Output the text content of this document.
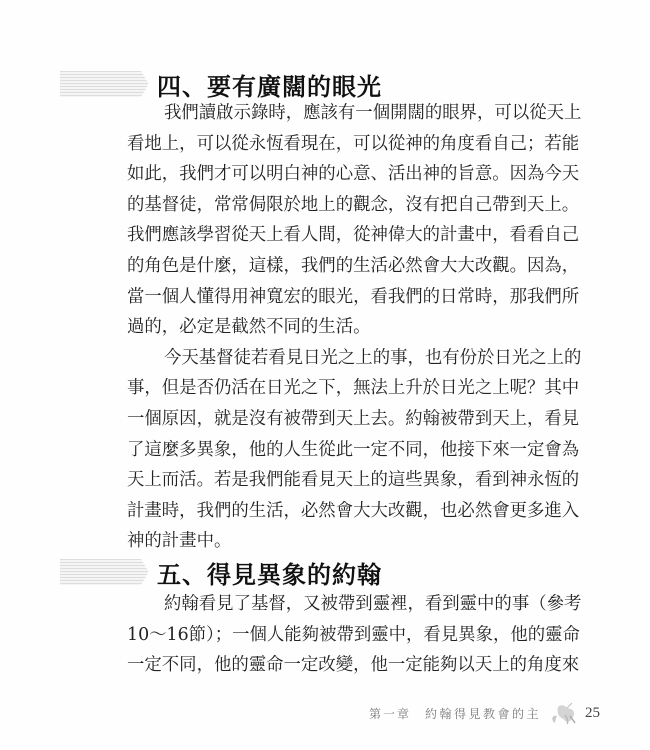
四、要有廣闊的眼光
我們讀啟示錄時，應該有一個開闊的眼界，可以從天上
看地上，可以從永恆看現在，可以從神的角度看自己；若能
如此，我們才可以明白神的心意、活出神的旨意。因為今天
的基督徒，常常侷限於地上的觀念，沒有把自己帶到天上。
我們應該學習從天上看人間，從神偉大的計畫中，看看自己
的角色是什麼，這樣，我們的生活必然會大大改觀。因為，
當一個人懂得用神寬宏的眼光，看我們的日常時，那我們所
過的，必定是截然不同的生活。
今天基督徒若看見日光之上的事，也有份於日光之上的
事，但是否仍活在日光之下，無法上升於日光之上呢？其中
一個原因，就是沒有被帶到天上去。約翰被帶到天上，看見
了這麼多異象，他的人生從此一定不同，他接下來一定會為
天上而活。若是我們能看見天上的這些異象，看到神永恆的
計畫時，我們的生活，必然會大大改觀，也必然會更多進入
神的計畫中。
五、得見異象的約翰
約翰看見了基督，又被帶到靈裡，看到靈中的事（參考
10～16節）；一個人能夠被帶到靈中，看見異象，他的靈命
一定不同，他的靈命一定改變，他一定能夠以天上的角度來
第一章 約翰得見教會的主	25
